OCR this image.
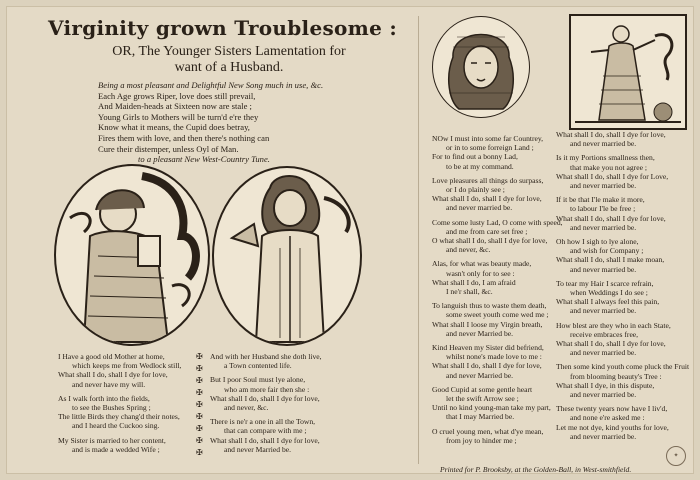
Virginity grown Troublesome :
OR, The Younger Sisters Lamentation for
want of a Husband.
Being a most pleasant and Delightful New Song much in use, &c.
Each Age grows Riper, love does still prevail,
And Maiden-heads at Sixteen now are stale ;
Young Girls to Mothers will be turn'd e're they
Know what it means, the Cupid does betray,
Fires them with love, and then there's nothing can
Cure their distemper, unless Oyl of Man.
to a pleasant New West-Country Tune.
I Have a good old Mother at home,
which keeps me from Wedlock still,
What shall I do, shall I dye for love,
and never have my will.
As I walk forth into the fields,
to see the Bushes Spring ;
The little Birds they chang'd their notes,
and I heard the Cuckoo sing.
My Sister is married to her content,
and is made a wedded Wife ;
✠
✠
✠
✠
✠
✠
✠
✠
✠
And with her Husband she doth live,
a Town contented life.
But I poor Soul must lye alone,
who am more fair then she :
What shall I do, shall I dye for love,
and never, &c.
There is ne'r a one in all the Town,
that can compare with me ;
What shall I do, shall I dye for love,
and never Married be.
NOw I must into some far Countrey,
or in to some forreign Land ;
For to find out a bonny Lad,
to be at my command.
Love pleasures all things do surpass,
or I do plainly see ;
What shall I do, shall I dye for love,
and never married be.
Come some lusty Lad, O come with speed,
and me from care set free ;
O what shall I do, shall I dye for love,
and never, &c.
Alas, for what was beauty made,
wasn't only for to see :
What shall I do, I am afraid
I ne'r shall, &c.
To languish thus to waste them death,
some sweet youth come wed me ;
What shall I loose my Virgin breath,
and never Married be.
Kind Heaven my Sister did befriend,
whilst none's made love to me :
What shall I do, shall I dye for love,
and never Married be.
Good Cupid at some gentle heart
let the swift Arrow see ;
Until no kind young-man take my part,
that I may Married be.
O cruel young men, what d'ye mean,
from joy to hinder me ;
What shall I do, shall I dye for love,
and never married be.
Is it my Portions smallness then,
that make you not agree ;
What shall I do, shall I dye for Love,
and never married be.
If it be that I'le make it more,
to labour I'le be free ;
What shall I do, shall I dye for love,
and never married be.
Oh how I sigh to lye alone,
and wish for Company ;
What shall I do, shall I make moan,
and never married be.
To tear my Hair I scarce refrain,
when Weddings I do see ;
What shall I always feel this pain,
and never married be.
How blest are they who in each State,
receive embraces free,
What shall I do, shall I dye for love,
and never married be.
Then some kind youth come pluck the Fruit
from blooming beauty's Tree :
What shall I dye, in this dispute,
and never married be.
These twenty years now have I liv'd,
and none e're asked me :
Let me not dye, kind youths for love,
and never married be.
Printed for P. Brooksby, at the Golden-Ball, in West-smithfield.
✦
